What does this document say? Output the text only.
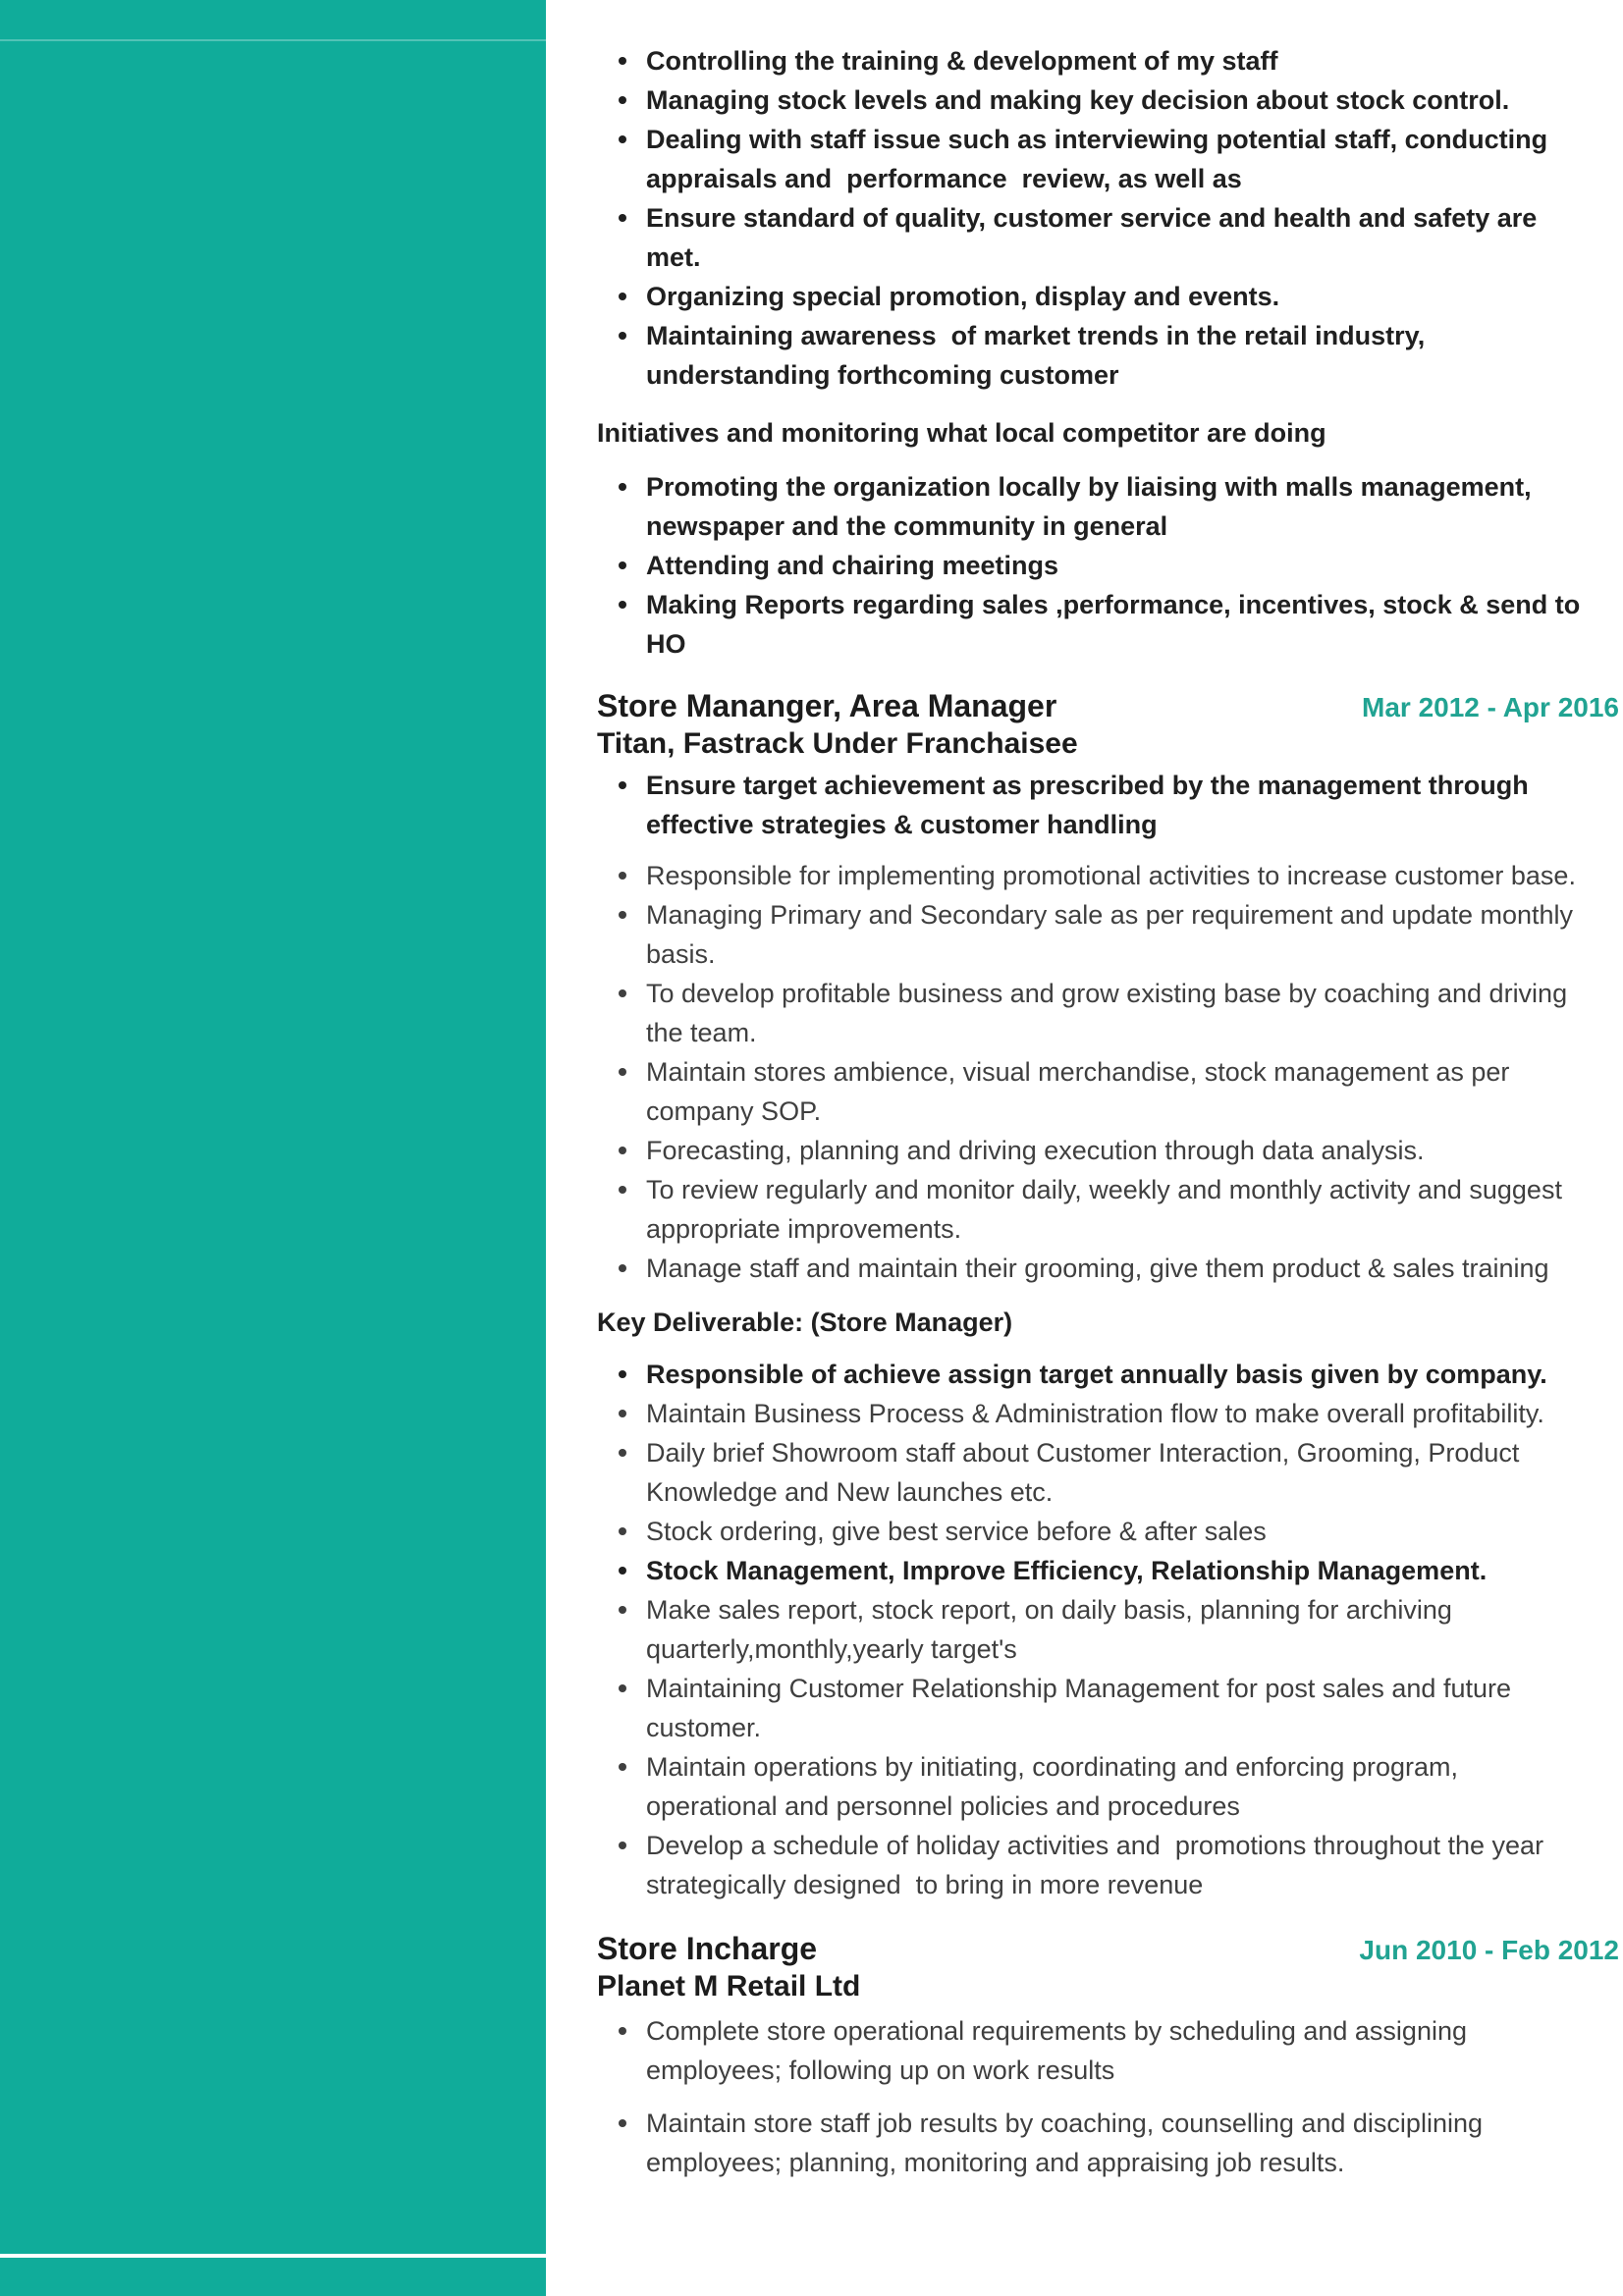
Controlling the training & development of my staff
Managing stock levels and making key decision about stock control.
Dealing with staff issue such as interviewing potential staff, conducting appraisals and  performance  review, as well as
Ensure standard of quality, customer service and health and safety are met.
Organizing special promotion, display and events.
Maintaining awareness  of market trends in the retail industry, understanding forthcoming customer

Initiatives and monitoring what local competitor are doing

Promoting the organization locally by liaising with malls management, newspaper and the community in general
Attending and chairing meetings
Making Reports regarding sales ,performance, incentives, stock & send to HO
Store Mananger, Area Manager	Mar 2012 - Apr 2016
Titan, Fastrack Under Franchaisee
Ensure target achievement as prescribed by the management through effective strategies & customer handling
Responsible for implementing promotional activities to increase customer base.
Managing Primary and Secondary sale as per requirement and update monthly basis.
To develop profitable business and grow existing base by coaching and driving the team.
Maintain stores ambience, visual merchandise, stock management as per company SOP.
Forecasting, planning and driving execution through data analysis.
To review regularly and monitor daily, weekly and monthly activity and suggest appropriate improvements.
Manage staff and maintain their grooming, give them product & sales training

Key Deliverable: (Store Manager)

Responsible of achieve assign target annually basis given by company.
Maintain Business Process & Administration flow to make overall profitability.
Daily brief Showroom staff about Customer Interaction, Grooming, Product Knowledge and New launches etc.
Stock ordering, give best service before & after sales
Stock Management, Improve Efficiency, Relationship Management.
Make sales report, stock report, on daily basis, planning for archiving quarterly,monthly,yearly target's
Maintaining Customer Relationship Management for post sales and future customer.
Maintain operations by initiating, coordinating and enforcing program, operational and personnel policies and procedures
Develop a schedule of holiday activities and  promotions throughout the year  strategically designed  to bring in more revenue
Store Incharge	Jun 2010 - Feb 2012
Planet M Retail Ltd
Complete store operational requirements by scheduling and assigning employees; following up on work results
Maintain store staff job results by coaching, counselling and disciplining employees; planning, monitoring and appraising job results.
